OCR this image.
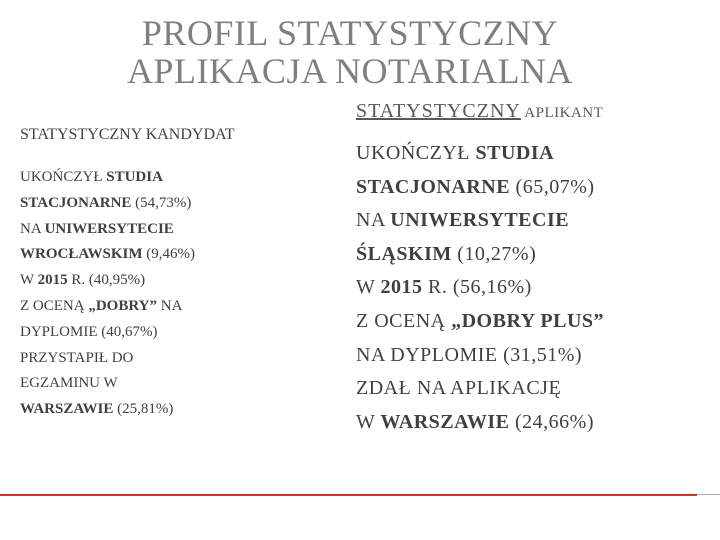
PROFIL STATYSTYCZNY
APLIKACJA NOTARIALNA
STATYSTYCZNY APLIKANT
STATYSTYCZNY KANDYDAT
UKOŃCZYŁ STUDIA
STACJONARNE (54,73%)
NA UNIWERSYTECIE
WROCŁAWSKIM (9,46%)
W 2015 R. (40,95%)
Z OCENĄ „DOBRY” NA
DYPLOMIE (40,67%)
PRZYSTAPIŁ DO
EGZAMINU W
WARSZAWIE (25,81%)
UKOŃCZYŁ STUDIA
STACJONARNE (65,07%)
NA UNIWERSYTECIE
ŚLĄSKIM (10,27%)
W 2015 R. (56,16%)
Z OCENĄ „DOBRY PLUS”
NA DYPLOMIE (31,51%)
ZDAŁ NA APLIKACJĘ
W WARSZAWIE (24,66%)
